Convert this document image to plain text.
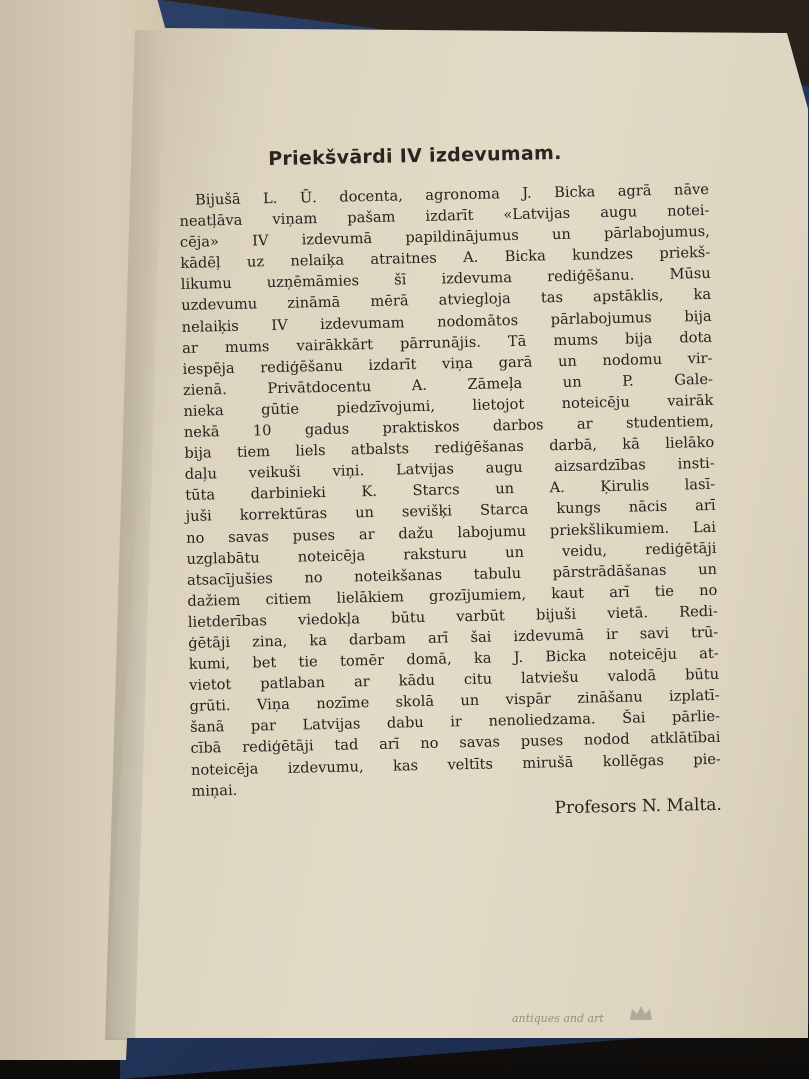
Priekšvārdi IV izdevumam.
Bijušā L. Ū. docenta, agronoma J. Bicka agrā nāve
neatļāva viņam pašam izdarīt «Latvijas augu notei-
cēja» IV izdevumā papildinājumus un pārlabojumus,
kādēļ uz nelaiķa atraitnes A. Bicka kundzes priekš-
likumu uzņēmāmies šī izdevuma rediģēšanu. Mūsu
uzdevumu zināmā mērā atviegloja tas apstāklis, ka
nelaiķis IV izdevumam nodomātos pārlabojumus bija
ar mums vairākkārt pārrunājis. Tā mums bija dota
iespēja rediģēšanu izdarīt viņa garā un nodomu vir-
zienā. Privātdocentu A. Zāmeļa un P. Gale-
nieka gūtie piedzīvojumi, lietojot noteicēju vairāk
nekā 10 gadus praktiskos darbos ar studentiem,
bija tiem liels atbalsts rediģēšanas darbā, kā lielāko
daļu veikuši viņi. Latvijas augu aizsardzības insti-
tūta darbinieki K. Starcs un A. Ķirulis lasī-
juši korrektūras un sevišķi Starca kungs nācis arī
no savas puses ar dažu labojumu priekšlikumiem. Lai
uzglabātu noteicēja raksturu un veidu, rediģētāji
atsacījušies no noteikšanas tabulu pārstrādāšanas un
dažiem citiem lielākiem grozījumiem, kaut arī tie no
lietderības viedokļa būtu varbūt bijuši vietā. Redi-
ģētāji zina, ka darbam arī šai izdevumā ir savi trū-
kumi, bet tie tomēr domā, ka J. Bicka noteicēju at-
vietot patlaban ar kādu citu latviešu valodā būtu
grūti. Viņa nozīme skolā un vispār zināšanu izplatī-
šanā par Latvijas dabu ir nenoliedzama. Šai pārlie-
cībā rediģētāji tad arī no savas puses nodod atklātībai
noteicēja izdevumu, kas veltīts mirušā kollēgas pie-
miņai.
Profesors N. Malta.
antiques and art
